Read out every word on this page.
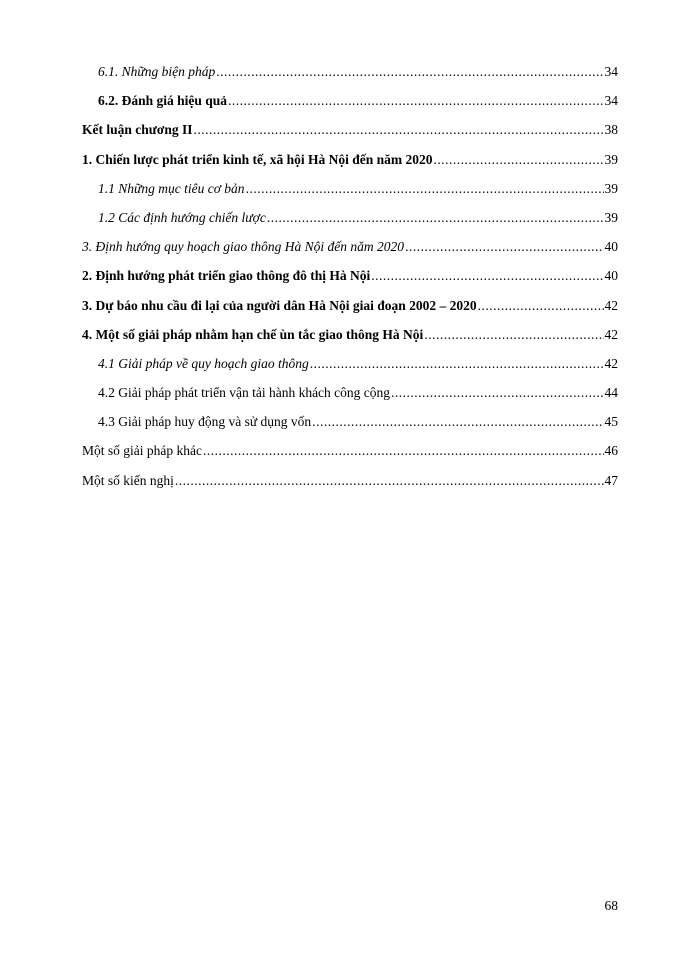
6.1. Những biện pháp .....	34
6.2. Đánh giá hiệu quả .....	34
Kết luận chương II .....	38
1. Chiến lược phát triển kinh tế, xã hội Hà Nội đến năm 2020 .....	39
1.1 Những mục tiêu cơ bản .....	39
1.2 Các định hướng chiến lược .....	39
3. Định hướng quy hoạch giao thông Hà Nội đến năm 2020 .....	40
2. Định hướng phát triển giao thông đô thị Hà Nội .....	40
3. Dự báo nhu cầu đi lại của người dân Hà Nội giai đoạn 2002 – 2020 .....	42
4. Một số giải pháp nhằm hạn chế ùn tắc giao thông Hà Nội .....	42
4.1 Giải pháp về quy hoạch giao thông .....	42
4.2 Giải pháp phát triển vận tải hành khách công cộng .....	44
4.3 Giải pháp huy động và sử dụng vốn .....	45
Một số giải pháp khác .....	46
Một số kiến nghị .....	47
68
